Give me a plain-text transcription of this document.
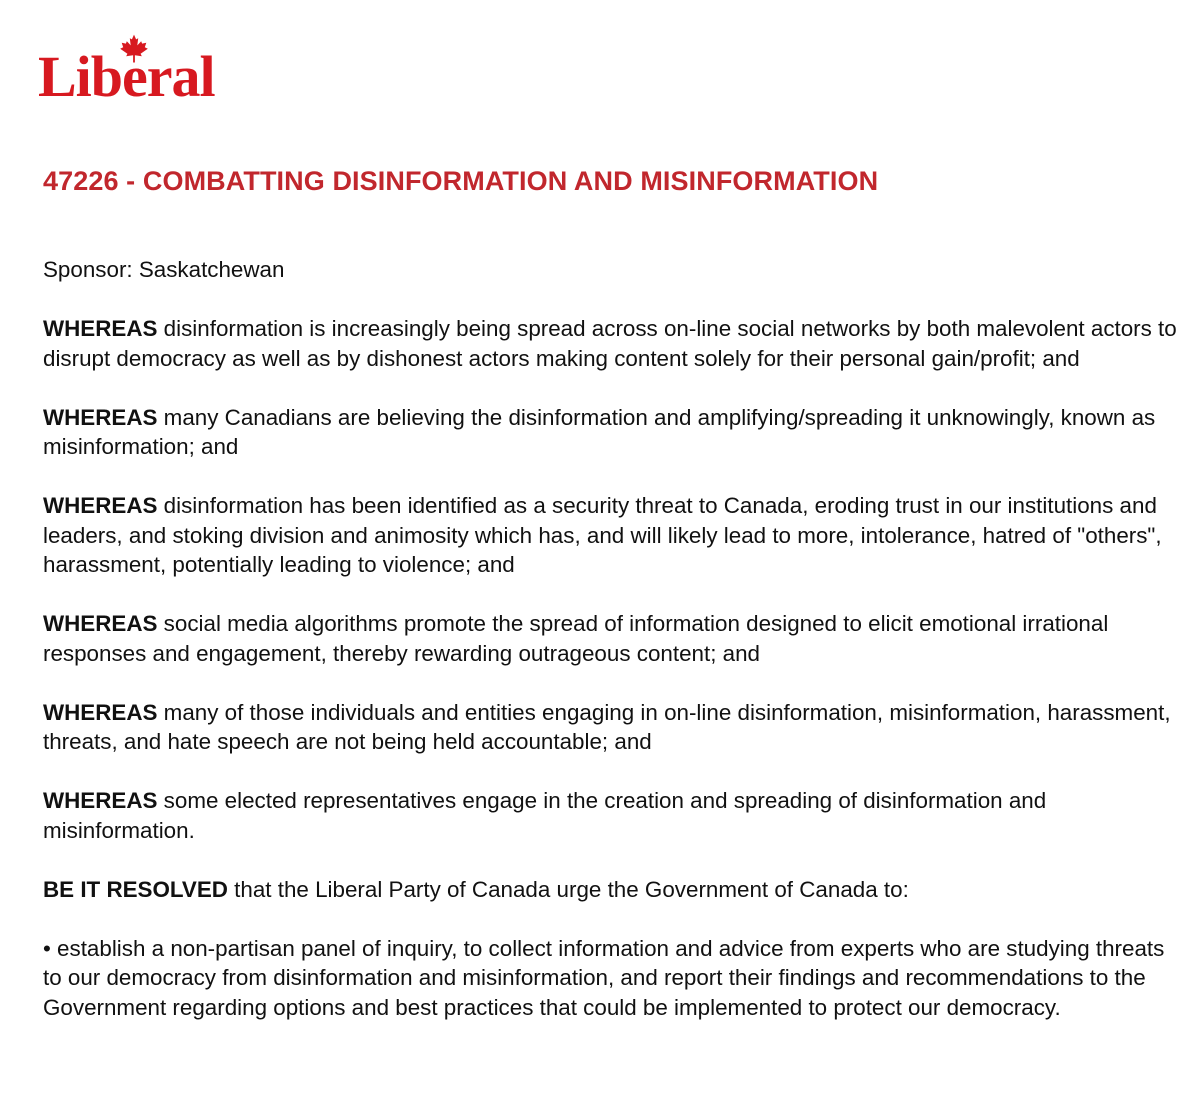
Liberal
47226 - COMBATTING DISINFORMATION AND MISINFORMATION

Sponsor: Saskatchewan

WHEREAS disinformation is increasingly being spread across on-line social networks by both malevolent actors to disrupt democracy as well as by dishonest actors making content solely for their personal gain/profit; and

WHEREAS many Canadians are believing the disinformation and amplifying/spreading it unknowingly, known as misinformation; and

WHEREAS disinformation has been identified as a security threat to Canada, eroding trust in our institutions and leaders, and stoking division and animosity which has, and will likely lead to more, intolerance, hatred of "others", harassment, potentially leading to violence; and

WHEREAS social media algorithms promote the spread of information designed to elicit emotional irrational responses and engagement, thereby rewarding outrageous content; and

WHEREAS many of those individuals and entities engaging in on-line disinformation, misinformation, harassment, threats, and hate speech are not being held accountable; and

WHEREAS some elected representatives engage in the creation and spreading of disinformation and misinformation.

BE IT RESOLVED that the Liberal Party of Canada urge the Government of Canada to:

• establish a non-partisan panel of inquiry, to collect information and advice from experts who are studying threats to our democracy from disinformation and misinformation, and report their findings and recommendations to the Government regarding options and best practices that could be implemented to protect our democracy.
